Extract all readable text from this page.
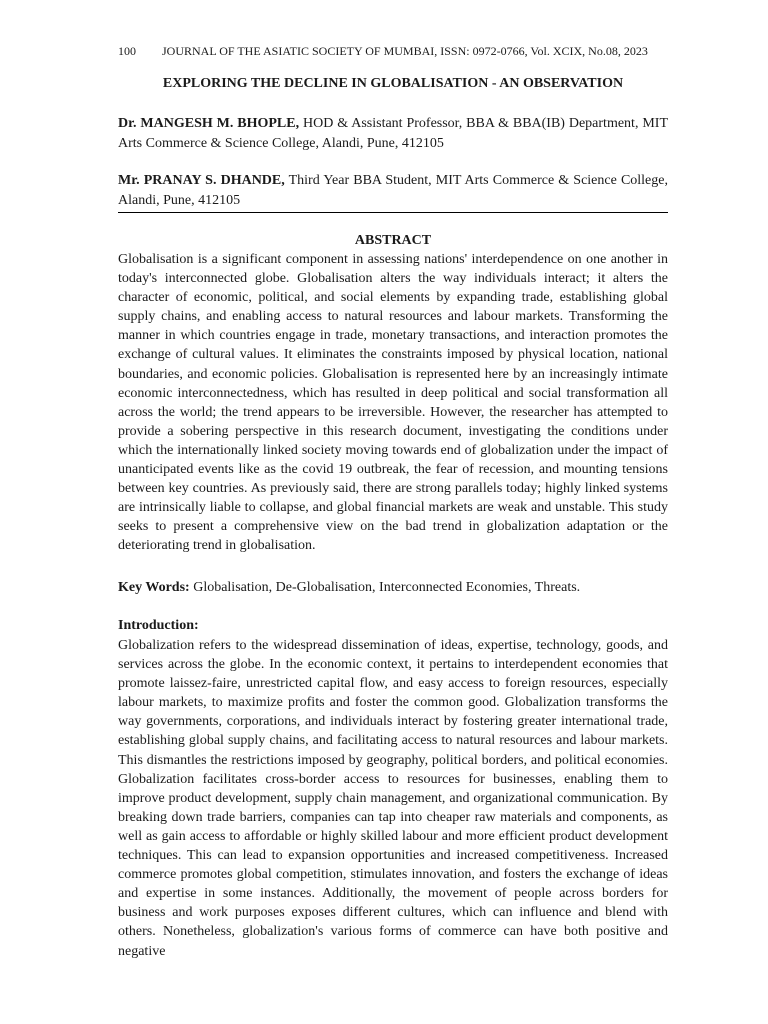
100 JOURNAL OF THE ASIATIC SOCIETY OF MUMBAI, ISSN: 0972-0766, Vol. XCIX, No.08, 2023
EXPLORING THE DECLINE IN GLOBALISATION - AN OBSERVATION
Dr. MANGESH M. BHOPLE, HOD & Assistant Professor, BBA & BBA(IB) Department, MIT Arts Commerce & Science College, Alandi, Pune, 412105
Mr. PRANAY S. DHANDE, Third Year BBA Student, MIT Arts Commerce & Science College, Alandi, Pune, 412105
ABSTRACT
Globalisation is a significant component in assessing nations' interdependence on one another in today's interconnected globe. Globalisation alters the way individuals interact; it alters the character of economic, political, and social elements by expanding trade, establishing global supply chains, and enabling access to natural resources and labour markets. Transforming the manner in which countries engage in trade, monetary transactions, and interaction promotes the exchange of cultural values. It eliminates the constraints imposed by physical location, national boundaries, and economic policies. Globalisation is represented here by an increasingly intimate economic interconnectedness, which has resulted in deep political and social transformation all across the world; the trend appears to be irreversible. However, the researcher has attempted to provide a sobering perspective in this research document, investigating the conditions under which the internationally linked society moving towards end of globalization under the impact of unanticipated events like as the covid 19 outbreak, the fear of recession, and mounting tensions between key countries. As previously said, there are strong parallels today; highly linked systems are intrinsically liable to collapse, and global financial markets are weak and unstable. This study seeks to present a comprehensive view on the bad trend in globalization adaptation or the deteriorating trend in globalisation.
Key Words: Globalisation, De-Globalisation, Interconnected Economies, Threats.
Introduction:
Globalization refers to the widespread dissemination of ideas, expertise, technology, goods, and services across the globe. In the economic context, it pertains to interdependent economies that promote laissez-faire, unrestricted capital flow, and easy access to foreign resources, especially labour markets, to maximize profits and foster the common good. Globalization transforms the way governments, corporations, and individuals interact by fostering greater international trade, establishing global supply chains, and facilitating access to natural resources and labour markets. This dismantles the restrictions imposed by geography, political borders, and political economies. Globalization facilitates cross-border access to resources for businesses, enabling them to improve product development, supply chain management, and organizational communication. By breaking down trade barriers, companies can tap into cheaper raw materials and components, as well as gain access to affordable or highly skilled labour and more efficient product development techniques. This can lead to expansion opportunities and increased competitiveness. Increased commerce promotes global competition, stimulates innovation, and fosters the exchange of ideas and expertise in some instances. Additionally, the movement of people across borders for business and work purposes exposes different cultures, which can influence and blend with others. Nonetheless, globalization's various forms of commerce can have both positive and negative
